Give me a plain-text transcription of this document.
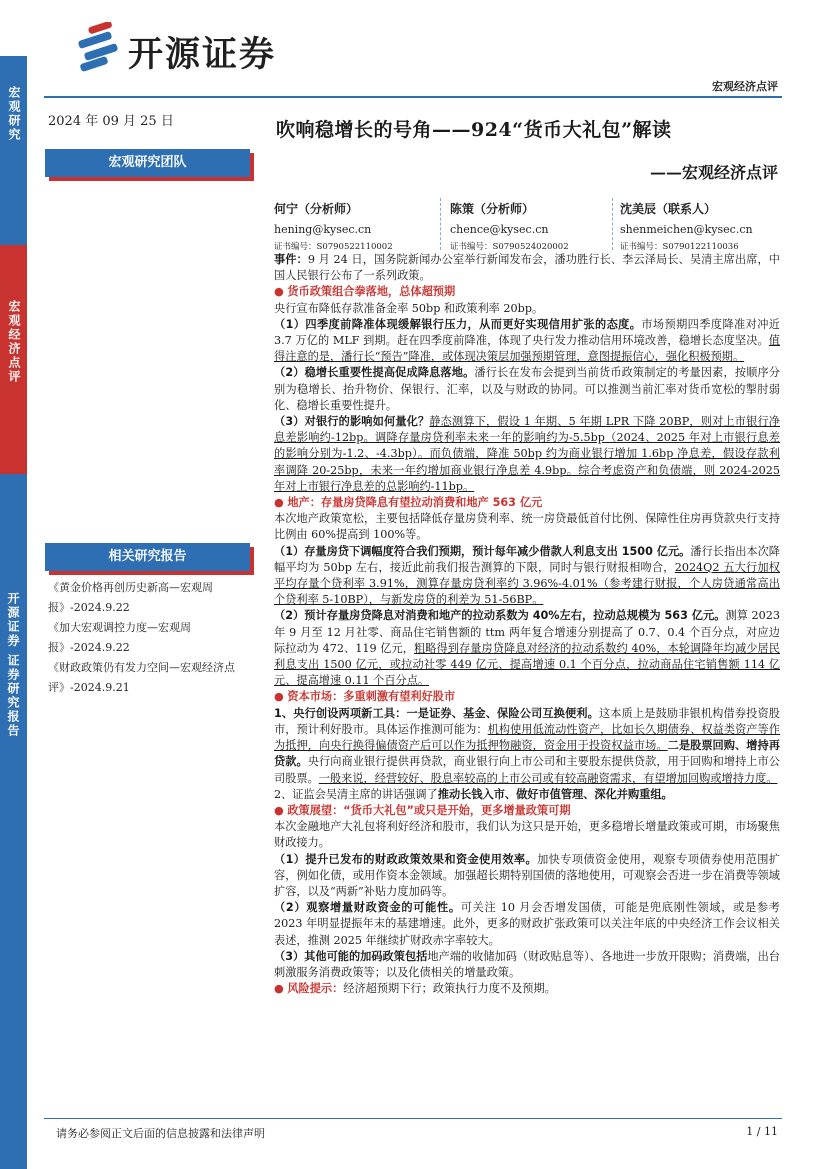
宏观研究
宏观经济点评
开源证券 证券研究报告
开源证券
宏观经济点评
2024 年 09 月 25 日
宏观研究团队
相关研究报告

《黄金价格再创历史新高—宏观周报》-2024.9.22

《加大宏观调控力度—宏观周报》-2024.9.22

《财政政策仍有发力空间—宏观经济点评》-2024.9.21

吹响稳增长的号角——924“货币大礼包”解读
——宏观经济点评
何宁（分析师）
hening@kysec.cn
证书编号：S0790522110002
陈策（分析师）
chence@kysec.cn
证书编号：S0790524020002
沈美辰（联系人）
shenmeichen@kysec.cn
证书编号：S0790122110036

事件：9 月 24 日，国务院新闻办公室举行新闻发布会，潘功胜行长、李云泽局长、吴清主席出席，中国人民银行公布了一系列政策。

● 货币政策组合拳落地，总体超预期

央行宣布降低存款准备金率 50bp 和政策利率 20bp。

（1）四季度前降准体现缓解银行压力，从而更好实现信用扩张的态度。市场预期四季度降准对冲近 3.7 万亿的 MLF 到期。赶在四季度前降准，体现了央行发力推动信用环境改善，稳增长态度坚决。值得注意的是，潘行长“预告”降准，或体现决策层加强预期管理，意图提振信心，强化积极预期。

（2）稳增长重要性提高促成降息落地。潘行长在发布会提到当前货币政策制定的考量因素，按顺序分别为稳增长、抬升物价、保银行、汇率，以及与财政的协同。可以推测当前汇率对货币宽松的掣肘弱化、稳增长重要性提升。

（3）对银行的影响如何量化？静态测算下，假设 1 年期、5 年期 LPR 下降 20BP，则对上市银行净息差影响约-12bp。调降存量房贷利率未来一年的影响约为-5.5bp（2024、2025 年对上市银行息差的影响分别为-1.2、-4.3bp）。而负债端，降准 50bp 约为商业银行增加 1.6bp 净息差，假设存款利率调降 20-25bp，未来一年约增加商业银行净息差 4.9bp。综合考虑资产和负债端，则 2024-2025 年对上市银行净息差的总影响约-11bp。

● 地产：存量房贷降息有望拉动消费和地产 563 亿元

本次地产政策宽松，主要包括降低存量房贷利率、统一房贷最低首付比例、保障性住房再贷款央行支持比例由 60%提高到 100%等。

（1）存量房贷下调幅度符合我们预期，预计每年减少借款人利息支出 1500 亿元。潘行长指出本次降幅平均为 50bp 左右，接近此前我们报告测算的下限，同时与银行财报相吻合，2024Q2 五大行加权平均存量个贷利率 3.91%，测算存量房贷利率约 3.96%-4.01%（参考建行财报，个人房贷通常高出个贷利率 5-10BP），与新发房贷的利差为 51-56BP。

（2）预计存量房贷降息对消费和地产的拉动系数为 40%左右，拉动总规模为 563 亿元。测算 2023 年 9 月至 12 月社零、商品住宅销售额的 ttm 两年复合增速分别提高了 0.7、0.4 个百分点，对应边际拉动为 472、119 亿元，粗略得到存量房贷降息对经济的拉动系数约 40%，本轮调降年均减少居民利息支出 1500 亿元，或拉动社零 449 亿元、提高增速 0.1 个百分点，拉动商品住宅销售额 114 亿元、提高增速 0.11 个百分点。

● 资本市场：多重刺激有望利好股市

1、央行创设两项新工具：一是证券、基金、保险公司互换便利。这本质上是鼓励非银机构借券投资股市，预计利好股市。具体运作推测可能为：机构使用低流动性资产，比如长久期债券、权益类资产等作为抵押，向央行换得偏债资产后可以作为抵押物融资，资金用于投资权益市场。二是股票回购、增持再贷款。央行向商业银行提供再贷款，商业银行向上市公司和主要股东提供贷款，用于回购和增持上市公司股票。一般来说，经营较好、股息率较高的上市公司或有较高融资需求，有望增加回购或增持力度。

2、证监会吴清主席的讲话强调了推动长钱入市、做好市值管理、深化并购重组。

● 政策展望：“货币大礼包”或只是开始，更多增量政策可期

本次金融地产大礼包将利好经济和股市，我们认为这只是开始，更多稳增长增量政策或可期，市场聚焦财政接力。

（1）提升已发布的财政政策效果和资金使用效率。加快专项债资金使用，观察专项债券使用范围扩容，例如化债，或用作资本金领域。加强超长期特别国债的落地使用，可观察会否进一步在消费等领域扩容，以及“两新”补贴力度加码等。

（2）观察增量财政资金的可能性。可关注 10 月会否增发国债，可能是兜底刚性领域，或是参考 2023 年明显提振年末的基建增速。此外，更多的财政扩张政策可以关注年底的中央经济工作会议相关表述，推测 2025 年继续扩财政赤字率较大。

（3）其他可能的加码政策包括地产端的收储加码（财政贴息等）、各地进一步放开限购；消费端，出台刺激服务消费政策等；以及化债相关的增量政策。

● 风险提示：经济超预期下行；政策执行力度不及预期。

请务必参阅正文后面的信息披露和法律声明	1 / 11
